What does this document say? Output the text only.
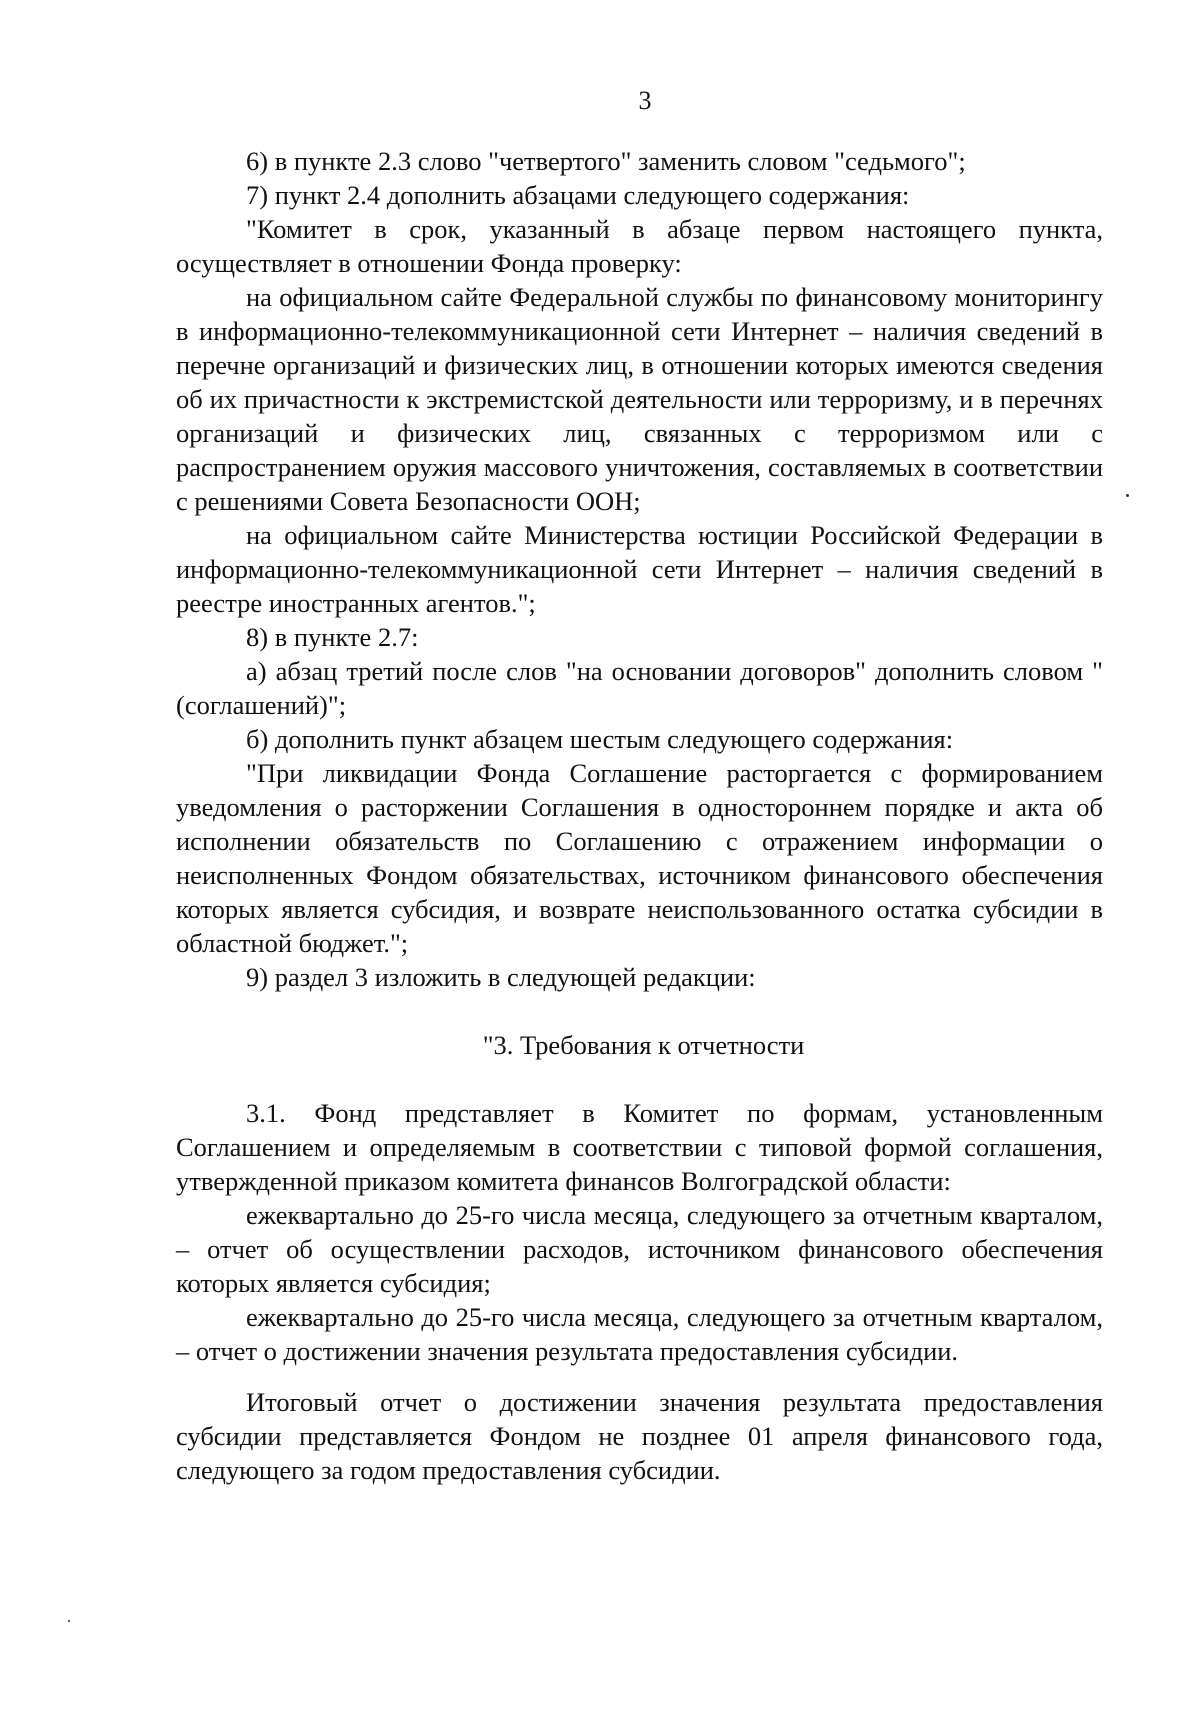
3

6) в пункте 2.3 слово "четвертого" заменить словом "седьмого";

7) пункт 2.4 дополнить абзацами следующего содержания:

"Комитет в срок, указанный в абзаце первом настоящего пункта, осуществляет в отношении Фонда проверку:

на официальном сайте Федеральной службы по финансовому мониторингу в информационно-телекоммуникационной сети Интернет – наличия сведений в перечне организаций и физических лиц, в отношении которых имеются сведения об их причастности к экстремистской деятельности или терроризму, и в перечнях организаций и физических лиц, связанных с терроризмом или с распространением оружия массового уничтожения, составляемых в соответствии с решениями Совета Безопасности ООН;

на официальном сайте Министерства юстиции Российской Федерации в информационно-телекоммуникационной сети Интернет – наличия сведений в реестре иностранных агентов.";

8) в пункте 2.7:

а) абзац третий после слов "на основании договоров" дополнить словом "(соглашений)";

б) дополнить пункт абзацем шестым следующего содержания:

"При ликвидации Фонда Соглашение расторгается с формированием уведомления о расторжении Соглашения в одностороннем порядке и акта об исполнении обязательств по Соглашению с отражением информации о неисполненных Фондом обязательствах, источником финансового обеспечения которых является субсидия, и возврате неиспользованного остатка субсидии в областной бюджет.";

9) раздел 3 изложить в следующей редакции:

"3. Требования к отчетности

3.1. Фонд представляет в Комитет по формам, установленным Соглашением и определяемым в соответствии с типовой формой соглашения, утвержденной приказом комитета финансов Волгоградской области:

ежеквартально до 25-го числа месяца, следующего за отчетным кварталом, – отчет об осуществлении расходов, источником финансового обеспечения которых является субсидия;

ежеквартально до 25-го числа месяца, следующего за отчетным кварталом, – отчет о достижении значения результата предоставления субсидии.

Итоговый отчет о достижении значения результата предоставления субсидии представляется Фондом не позднее 01 апреля финансового года, следующего за годом предоставления субсидии.
